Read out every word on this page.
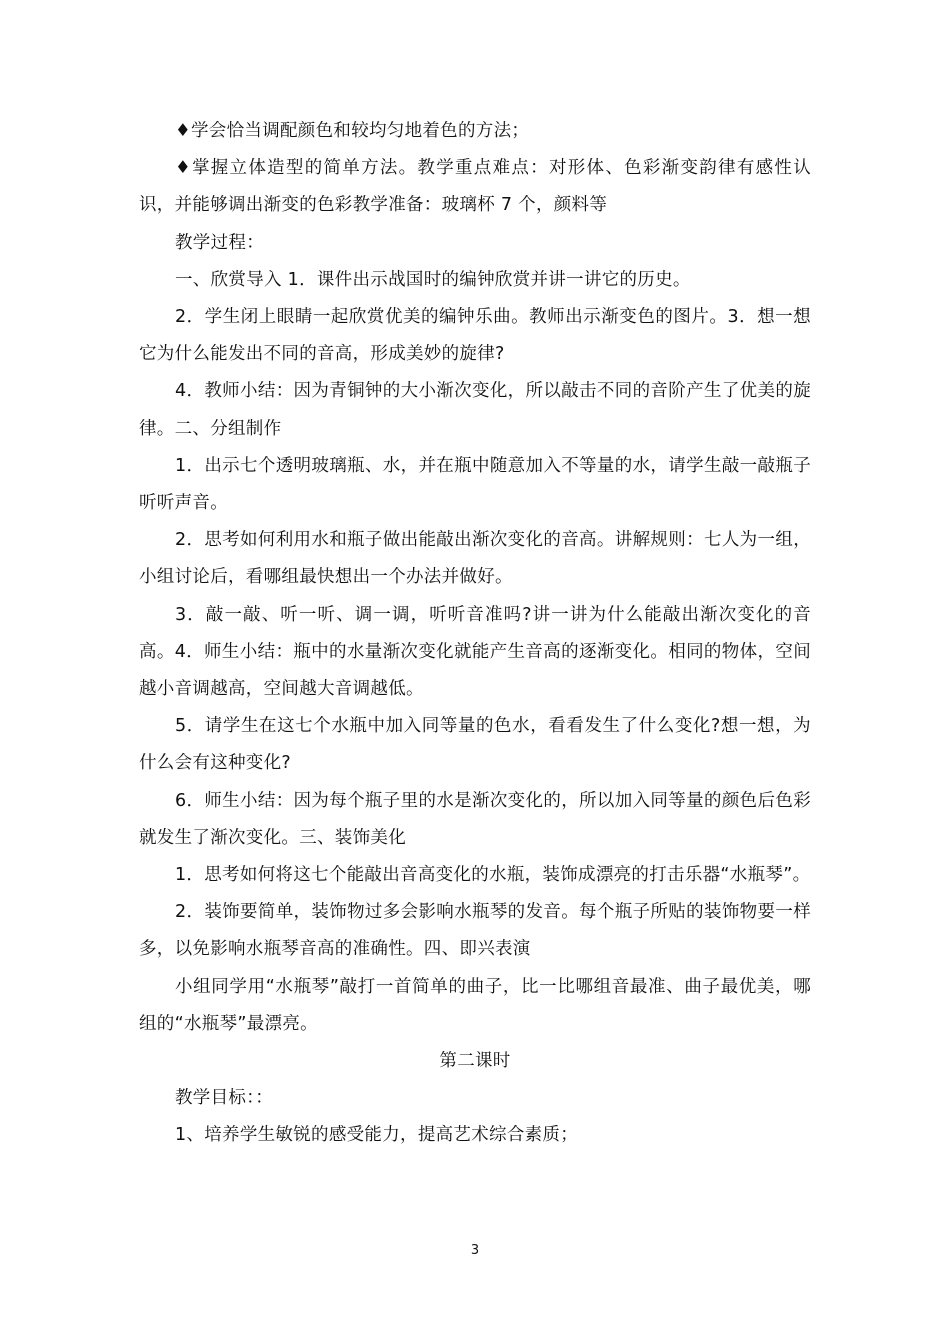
♦学会恰当调配颜色和较均匀地着色的方法；

♦掌握立体造型的简单方法。教学重点难点：对形体、色彩渐变韵律有感性认识，并能够调出渐变的色彩教学准备：玻璃杯 7 个，颜料等

教学过程：

一、欣赏导入 1．课件出示战国时的编钟欣赏并讲一讲它的历史。

2．学生闭上眼睛一起欣赏优美的编钟乐曲。教师出示渐变色的图片。3．想一想它为什么能发出不同的音高，形成美妙的旋律?

4．教师小结：因为青铜钟的大小渐次变化，所以敲击不同的音阶产生了优美的旋律。二、分组制作

1．出示七个透明玻璃瓶、水，并在瓶中随意加入不等量的水，请学生敲一敲瓶子听听声音。

2．思考如何利用水和瓶子做出能敲出渐次变化的音高。讲解规则：七人为一组，小组讨论后，看哪组最快想出一个办法并做好。

3．敲一敲、听一听、调一调，听听音准吗?讲一讲为什么能敲出渐次变化的音高。4．师生小结：瓶中的水量渐次变化就能产生音高的逐渐变化。相同的物体，空间越小音调越高，空间越大音调越低。

5．请学生在这七个水瓶中加入同等量的色水，看看发生了什么变化?想一想，为什么会有这种变化?

6．师生小结：因为每个瓶子里的水是渐次变化的，所以加入同等量的颜色后色彩就发生了渐次变化。三、装饰美化

1．思考如何将这七个能敲出音高变化的水瓶，装饰成漂亮的打击乐器“水瓶琴”。

2．装饰要简单，装饰物过多会影响水瓶琴的发音。每个瓶子所贴的装饰物要一样多，以免影响水瓶琴音高的准确性。四、即兴表演

小组同学用“水瓶琴”敲打一首简单的曲子，比一比哪组音最准、曲子最优美，哪组的“水瓶琴”最漂亮。

第二课时

教学目标：：

1、培养学生敏锐的感受能力，提高艺术综合素质；

3
